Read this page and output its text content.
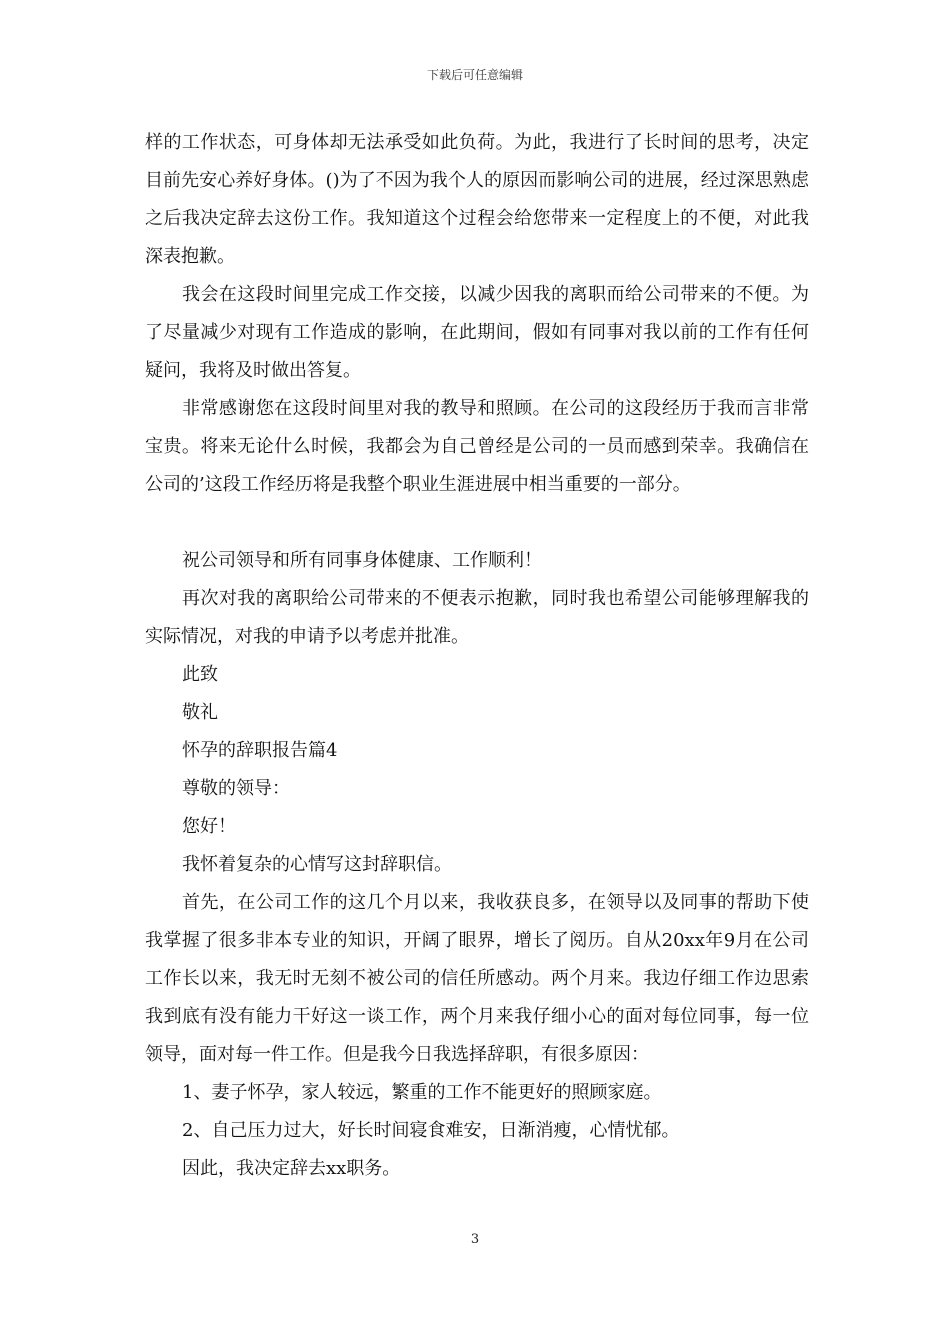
下载后可任意编辑

样的工作状态，可身体却无法承受如此负荷。为此，我进行了长时间的思考，决定目前先安心养好身体。()为了不因为我个人的原因而影响公司的进展，经过深思熟虑之后我决定辞去这份工作。我知道这个过程会给您带来一定程度上的不便，对此我深表抱歉。

我会在这段时间里完成工作交接，以减少因我的离职而给公司带来的不便。为了尽量减少对现有工作造成的影响，在此期间，假如有同事对我以前的工作有任何疑问，我将及时做出答复。

非常感谢您在这段时间里对我的教导和照顾。在公司的这段经历于我而言非常宝贵。将来无论什么时候，我都会为自己曾经是公司的一员而感到荣幸。我确信在公司的’这段工作经历将是我整个职业生涯进展中相当重要的一部分。

祝公司领导和所有同事身体健康、工作顺利！

再次对我的离职给公司带来的不便表示抱歉，同时我也希望公司能够理解我的实际情况，对我的申请予以考虑并批准。

此致

敬礼

怀孕的辞职报告篇4

尊敬的领导：

您好！

我怀着复杂的心情写这封辞职信。

首先，在公司工作的这几个月以来，我收获良多，在领导以及同事的帮助下使我掌握了很多非本专业的知识，开阔了眼界，增长了阅历。自从20xx年9月在公司工作长以来，我无时无刻不被公司的信任所感动。两个月来。我边仔细工作边思索我到底有没有能力干好这一谈工作，两个月来我仔细小心的面对每位同事，每一位领导，面对每一件工作。但是我今日我选择辞职，有很多原因：

1、妻子怀孕，家人较远，繁重的工作不能更好的照顾家庭。

2、自己压力过大，好长时间寝食难安，日渐消瘦，心情忧郁。

因此，我决定辞去xx职务。

3
